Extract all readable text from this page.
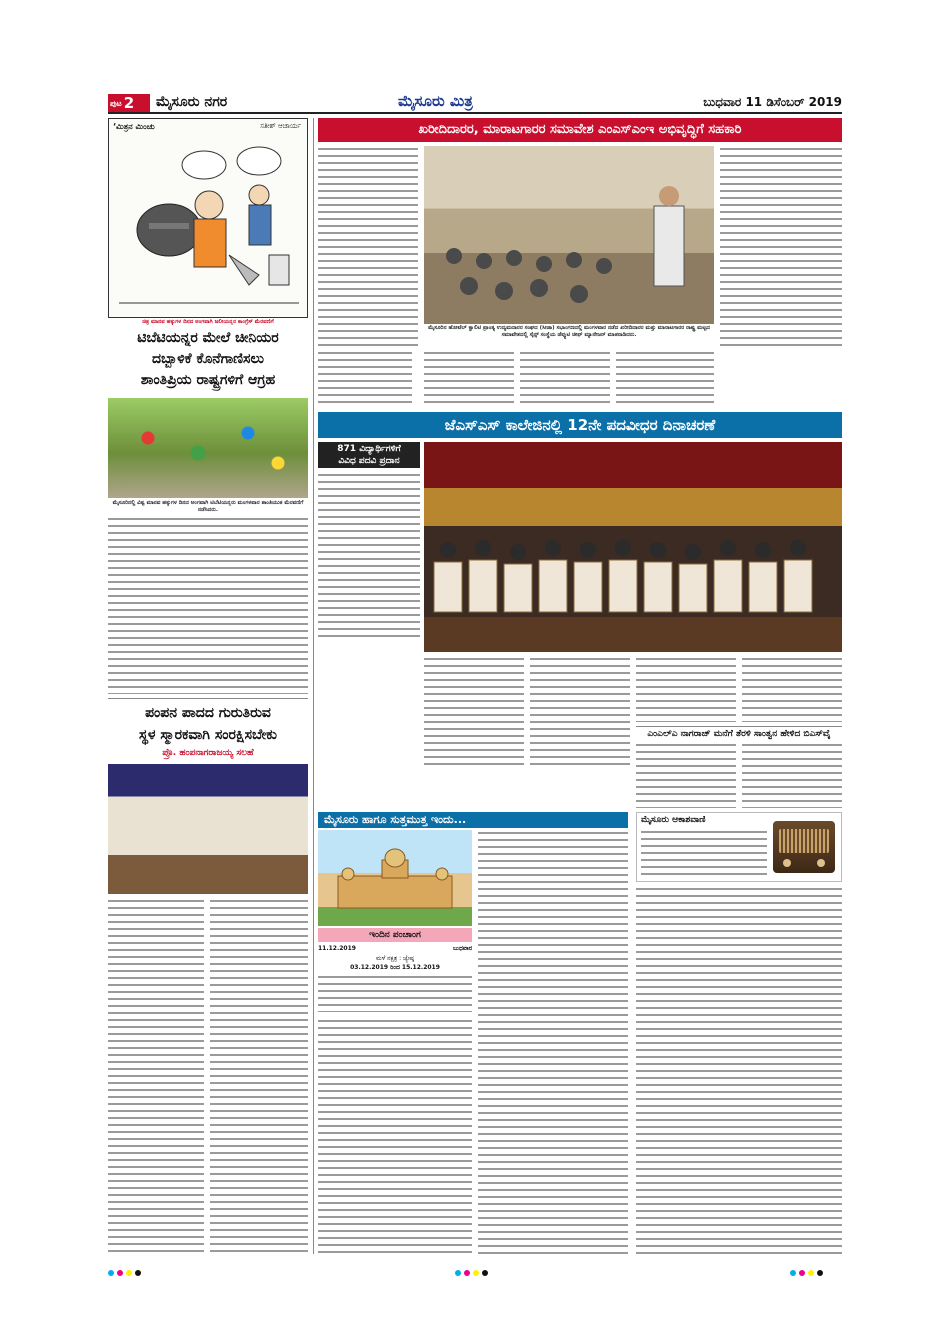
ಪುಟ 2	ಮೈಸೂರು ನಗರ	ಮೈಸೂರು ಮಿತ್ರ	ಬುಧವಾರ 11 ಡಿಸೆಂಬರ್ 2019
‘ಮಿತ್ರನ ಮಿಂಚು	ಸತೀಶ್ ಆಚಾರ್ಯ
ಚಿತ್ರ ಮಾನವ ಹಕ್ಕುಗಳ ದಿನದ ಅಂಗವಾಗಿ ಜಲೀಯನ್ನರ ಕಾಂಗ್ರೆಸ್ ಮೆರವಣಿಗೆ
ಟಿಬೆಟಿಯನ್ನರ ಮೇಲೆ ಚೀನಿಯರ
ದಬ್ಬಾಳಿಕೆ ಕೊನೆಗಾಣಿಸಲು
ಶಾಂತಿಪ್ರಿಯ ರಾಷ್ಟ್ರಗಳಿಗೆ ಆಗ್ರಹ
ಮೈಸೂರಿನಲ್ಲಿ ವಿಶ್ವ ಮಾನವ ಹಕ್ಕುಗಳ ದಿನದ ಅಂಗವಾಗಿ ಟಿಬೆಟಿಯನ್ನರು ಮಂಗಳವಾರ ಶಾಂತಿಯುತ ಮೆರವಣಿಗೆ ನಡೆಸಿದರು.
ಪಂಪನ ಪಾದದ ಗುರುತಿರುವ
ಸ್ಥಳ ಸ್ಮಾರಕವಾಗಿ ಸಂರಕ್ಷಿಸಬೇಕು
ಪ್ರೊ. ಹಂಪನಾಗರಾಜಯ್ಯ ಸಲಹೆ
ಖರೀದಿದಾರರ, ಮಾರಾಟಗಾರರ ಸಮಾವೇಶ ಎಂಎಸ್‌ಎಂಇ ಅಭಿವೃದ್ಧಿಗೆ ಸಹಕಾರಿ
ಮೈಸೂರಿನ ಹೋಟೆಲ್ ಕ್ವಾಲಿಟಿ ಪ್ರಾಂತ್ಯ ಉದ್ಯಮದಾರರ ಸಂಘದ (ಸೀಡಾ) ಸಭಾಂಗಣದಲ್ಲಿ ಮಂಗಳವಾರ ನಡೆದ ಖರೀದಿದಾರರ ಮತ್ತು ಮಾರಾಟಗಾರರ ರಾಷ್ಟ್ರ ಮಟ್ಟದ ಸಮಾವೇಶದಲ್ಲಿ ಸೈನ್ಸ್ ಸಂಸ್ಥೆಯ ಡೆಪ್ಯುಟಿ ಚೀಫ್ ಮ್ಯಾನೇಜರ್ ಮಾತನಾಡಿದರು.
ಜೆಎಸ್‌ಎಸ್ ಕಾಲೇಜಿನಲ್ಲಿ 12ನೇ ಪದವೀಧರ ದಿನಾಚರಣೆ
871 ವಿದ್ಯಾರ್ಥಿಗಳಿಗೆ
ವಿವಿಧ ಪದವಿ ಪ್ರದಾನ
ಎಂಎಲ್ಎ ನಾಗರಾಜ್ ಮನೆಗೆ ತೆರಳಿ ಸಾಂತ್ವನ ಹೇಳಿದ ಬಿಎಸ್‌ವೈ
ಮೈಸೂರು ಹಾಗೂ ಸುತ್ತಮುತ್ತ ಇಂದು...
ಇಂದಿನ ಪಂಚಾಂಗ
11.12.2019	ಬುಧವಾರ
ಮಳೆ ನಕ್ಷತ್ರ : ಜ್ಯೇಷ್ಠ
03.12.2019 ರಿಂದ 15.12.2019
ಮೈಸೂರು ಆಕಾಶವಾಣಿ
